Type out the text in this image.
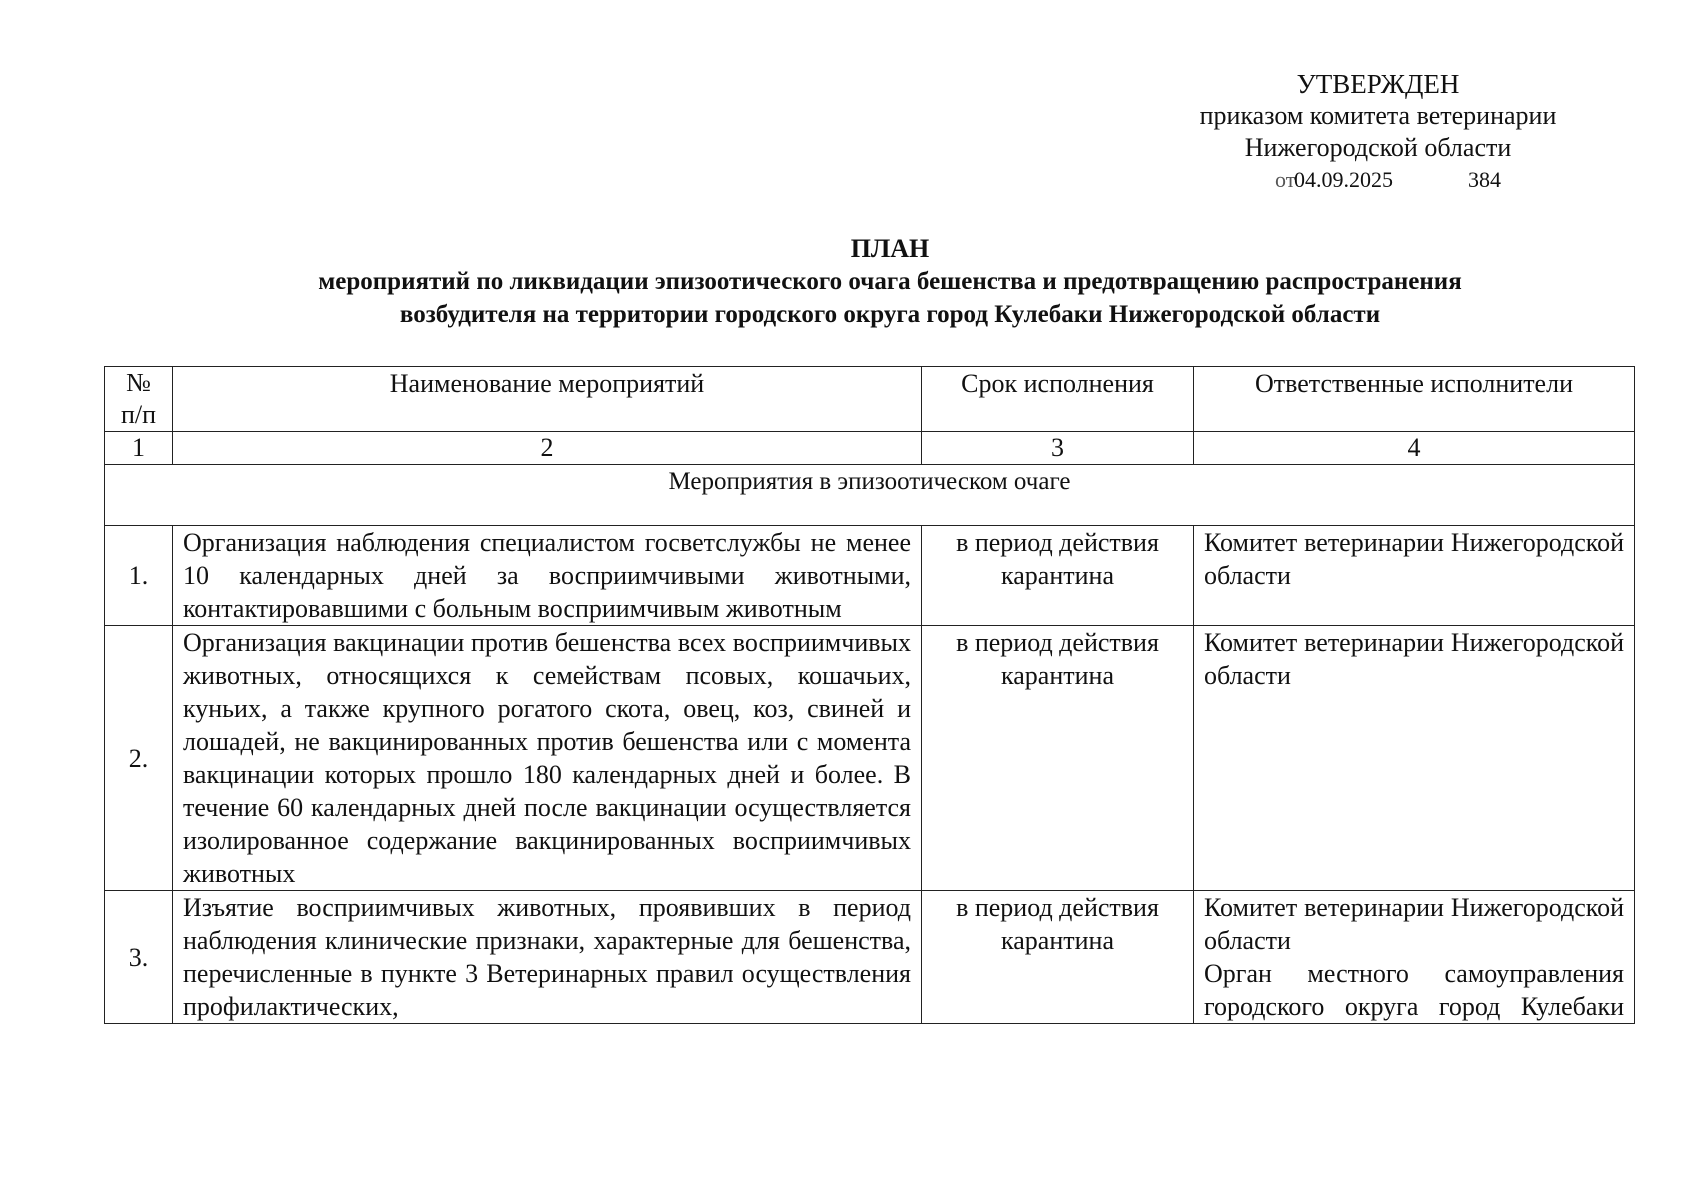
УТВЕРЖДЕН
приказом комитета ветеринарии
Нижегородской области
от
04.09.2025	384
ПЛАН
мероприятий по ликвидации эпизоотического очага бешенства и предотвращению распространения
возбудителя на территории городского округа город Кулебаки Нижегородской области
№
п/п	Наименование мероприятий	Срок исполнения	Ответственные исполнители
1	2	3	4
Мероприятия в эпизоотическом очаге			
1.	Организация наблюдения специалистом госветслужбы не менее 10 календарных дней за восприимчивыми животными, контактировавшими с больным восприимчивым животным	в период действия карантина	Комитет ветеринарии Нижегородской области

2.	Организация вакцинации против бешенства всех восприимчивых животных, относящихся к семействам псовых, кошачьих, куньих, а также крупного рогатого скота, овец, коз, свиней и лошадей, не вакцинированных против бешенства или с момента вакцинации которых прошло 180 календарных дней и более. В течение 60 календарных дней после вакцинации осуществляется изолированное содержание вакцинированных восприимчивых животных	в период действия карантина	Комитет ветеринарии Нижегородской области

3.	Изъятие восприимчивых животных, проявивших в период наблюдения клинические признаки, характерные для бешенства, перечисленные в пункте 3 Ветеринарных правил осуществления профилактических,	в период действия карантина	Комитет ветеринарии Нижегородской области
Орган местного самоуправления городского округа город Кулебаки
